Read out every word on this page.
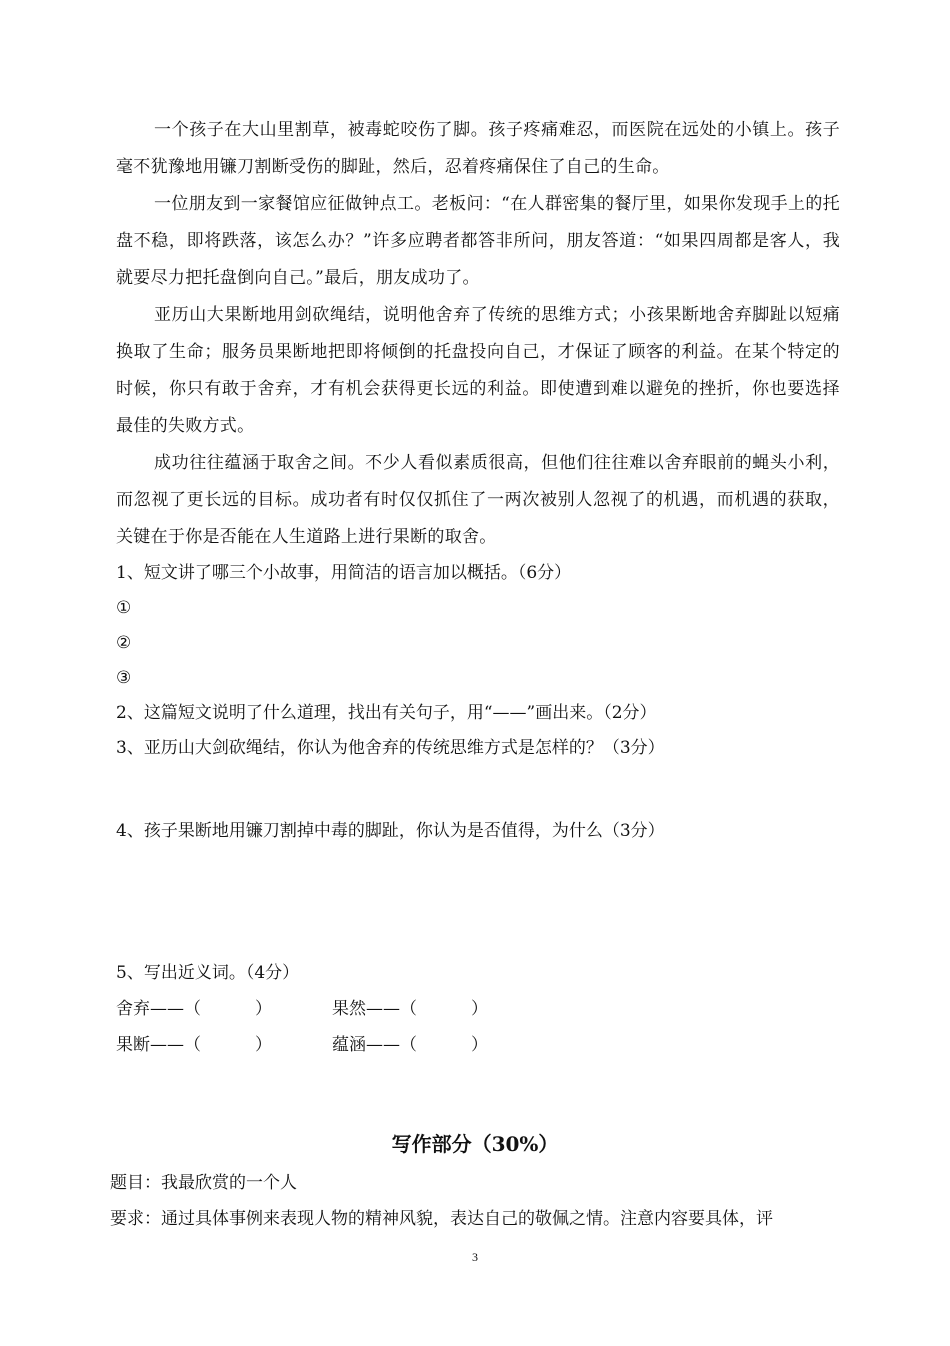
一个孩子在大山里割草，被毒蛇咬伤了脚。孩子疼痛难忍，而医院在远处的小镇上。孩子毫不犹豫地用镰刀割断受伤的脚趾，然后，忍着疼痛保住了自己的生命。

一位朋友到一家餐馆应征做钟点工。老板问：“在人群密集的餐厅里，如果你发现手上的托盘不稳，即将跌落，该怎么办？”许多应聘者都答非所问，朋友答道：“如果四周都是客人，我就要尽力把托盘倒向自己。”最后，朋友成功了。

亚历山大果断地用剑砍绳结，说明他舍弃了传统的思维方式；小孩果断地舍弃脚趾以短痛换取了生命；服务员果断地把即将倾倒的托盘投向自己，才保证了顾客的利益。在某个特定的时候，你只有敢于舍弃，才有机会获得更长远的利益。即使遭到难以避免的挫折，你也要选择最佳的失败方式。

成功往往蕴涵于取舍之间。不少人看似素质很高，但他们往往难以舍弃眼前的蝇头小利，而忽视了更长远的目标。成功者有时仅仅抓住了一两次被别人忽视了的机遇，而机遇的获取，关键在于你是否能在人生道路上进行果断的取舍。

1、短文讲了哪三个小故事，用简洁的语言加以概括。（6分）

①

②

③

2、这篇短文说明了什么道理，找出有关句子，用“——”画出来。（2分）

3、亚历山大剑砍绳结，你认为他舍弃的传统思维方式是怎样的？（3分）

4、孩子果断地用镰刀割掉中毒的脚趾，你认为是否值得，为什么（3分）

5、写出近义词。（4分）

舍弃——（          ）	果然——（          ）
果断——（          ）	蕴涵——（          ）
写作部分（30%）

题目：我最欣赏的一个人

要求：通过具体事例来表现人物的精神风貌，表达自己的敬佩之情。注意内容要具体，评

3
